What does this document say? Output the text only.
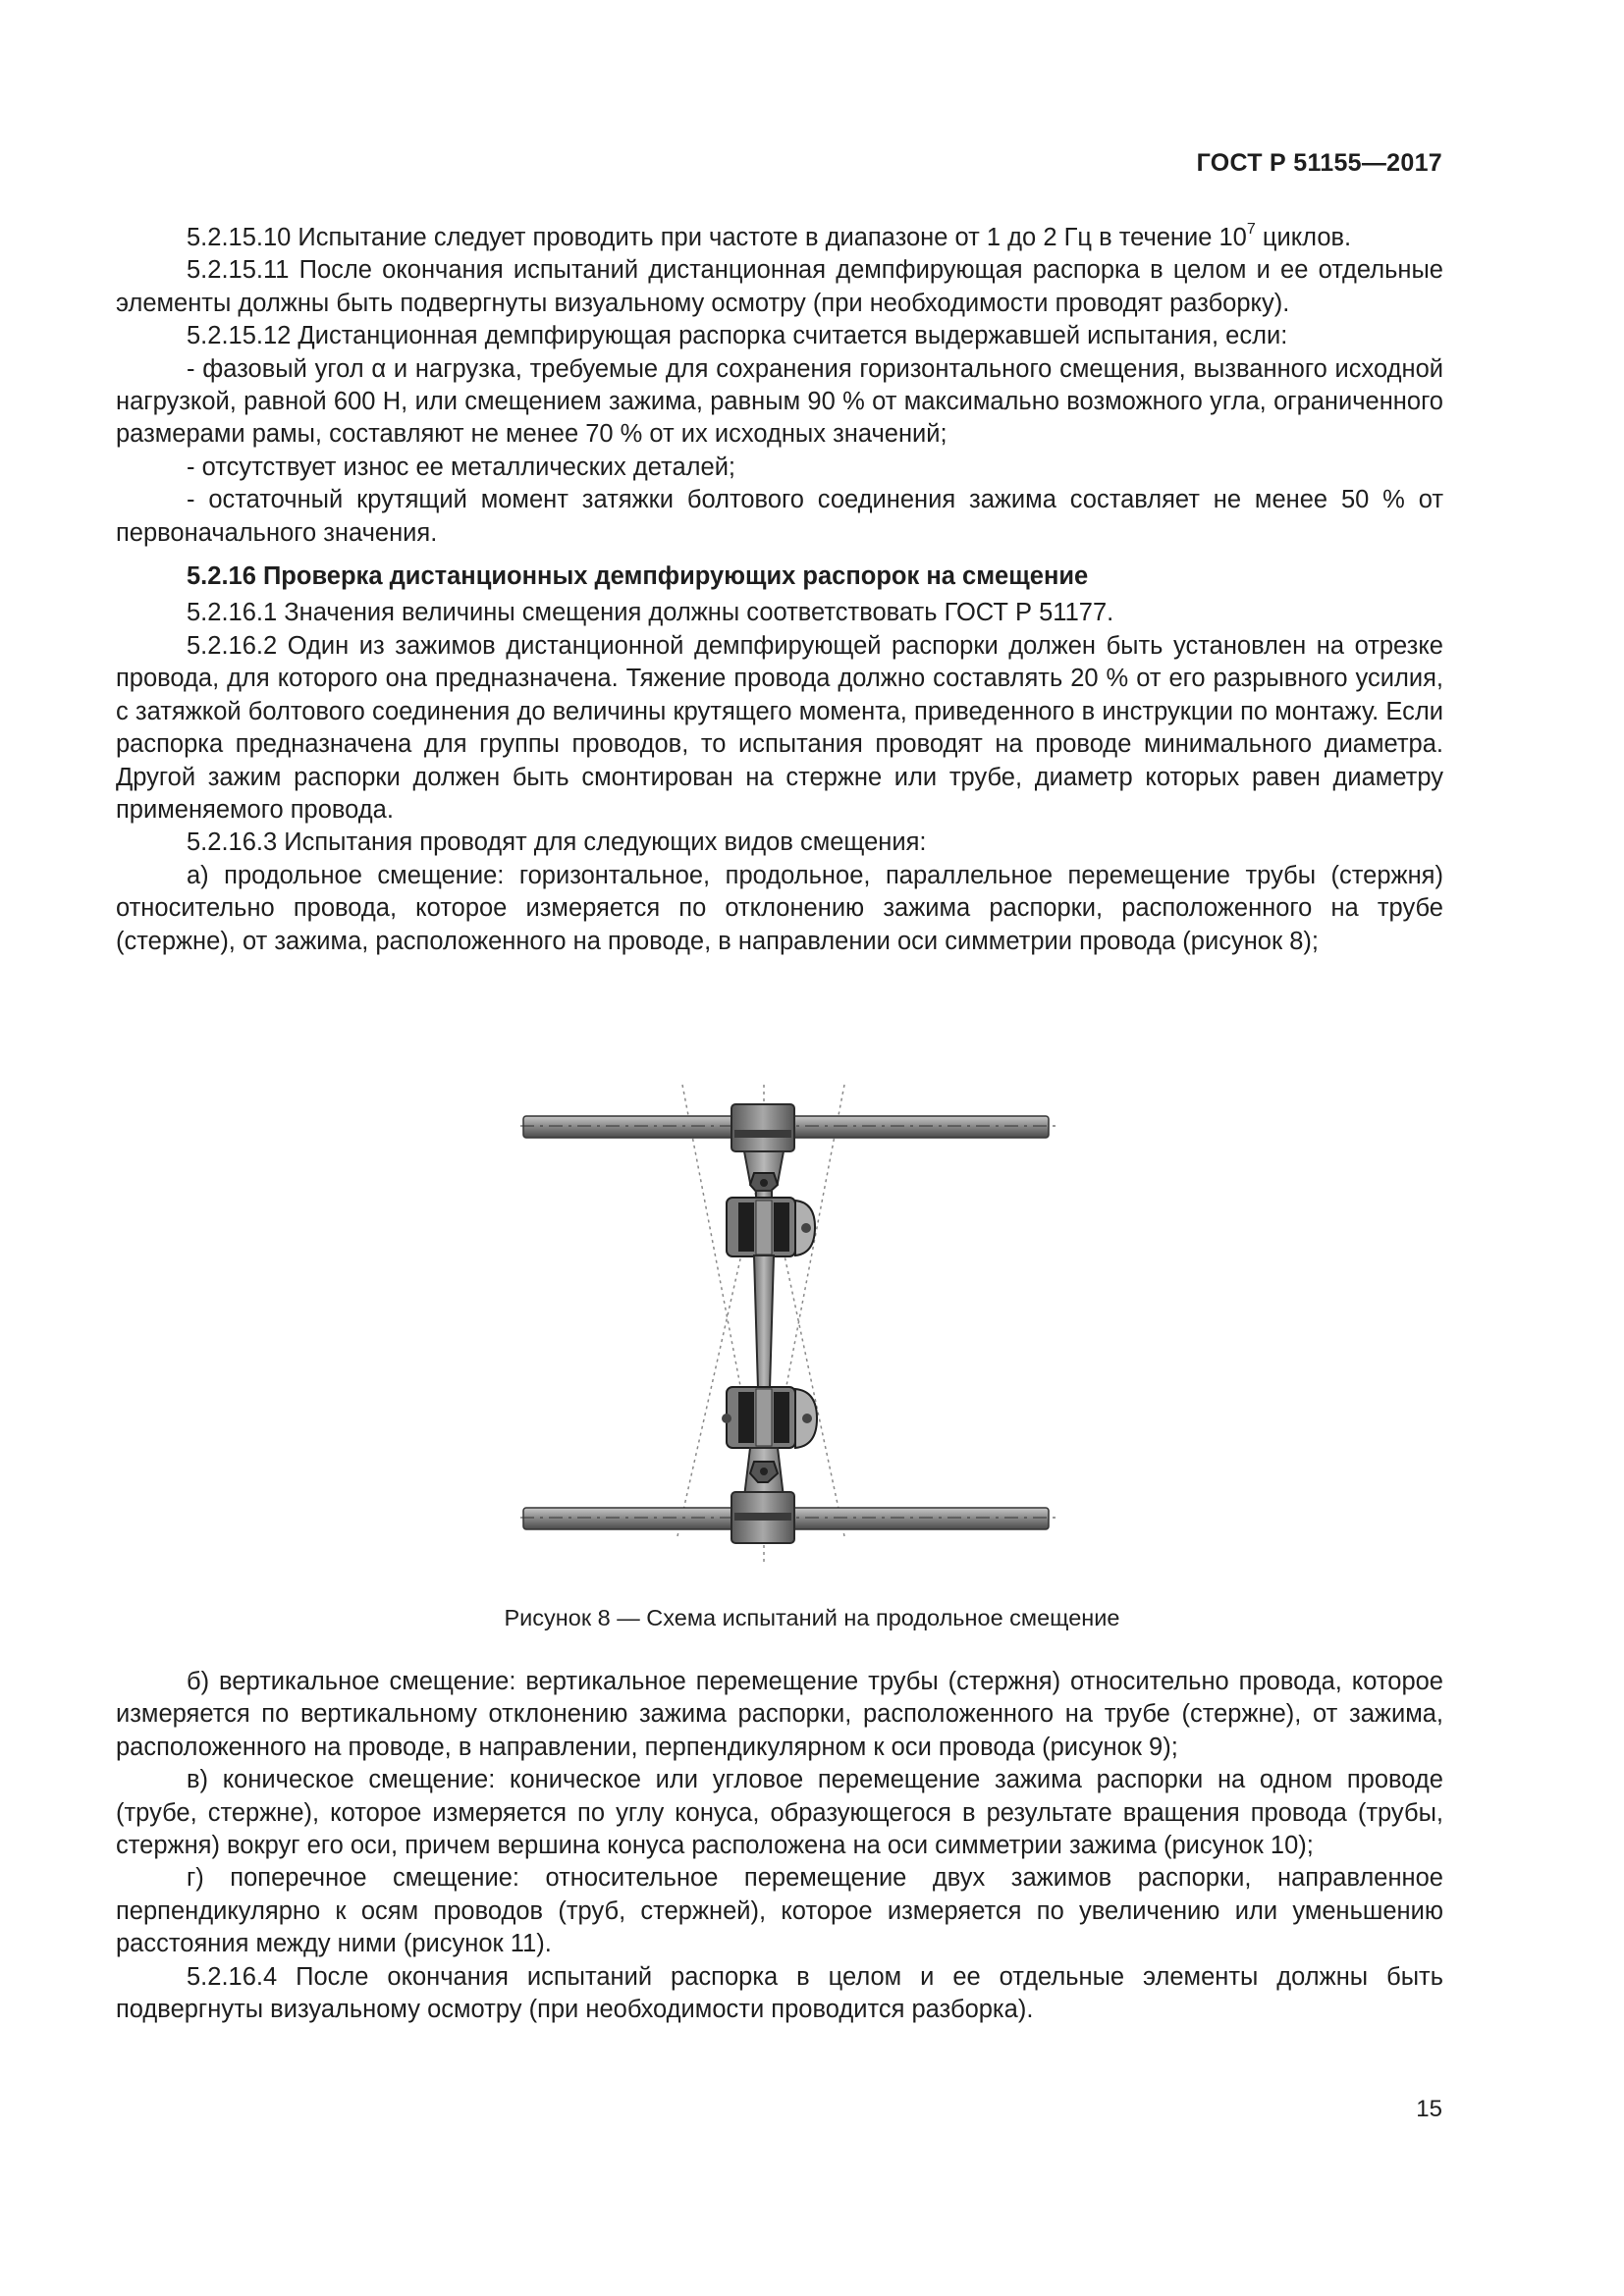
ГОСТ Р 51155—2017

5.2.15.10 Испытание следует проводить при частоте в диапазоне от 1 до 2 Гц в течение $10^7$ циклов.

5.2.15.11 После окончания испытаний дистанционная демпфирующая распорка в целом и ее отдельные элементы должны быть подвергнуты визуальному осмотру (при необходимости проводят разборку).

5.2.15.12 Дистанционная демпфирующая распорка считается выдержавшей испытания, если:

- фазовый угол α и нагрузка, требуемые для сохранения горизонтального смещения, вызванного исходной нагрузкой, равной 600 Н, или смещением зажима, равным 90 % от максимально возможного угла, ограниченного размерами рамы, составляют не менее 70 % от их исходных значений;

- отсутствует износ ее металлических деталей;

- остаточный крутящий момент затяжки болтового соединения зажима составляет не менее 50 % от первоначального значения.

5.2.16 Проверка дистанционных демпфирующих распорок на смещение

5.2.16.1 Значения величины смещения должны соответствовать ГОСТ Р 51177.

5.2.16.2 Один из зажимов дистанционной демпфирующей распорки должен быть установлен на отрезке провода, для которого она предназначена. Тяжение провода должно составлять 20 % от его разрывного усилия, с затяжкой болтового соединения до величины крутящего момента, приведенного в инструкции по монтажу. Если распорка предназначена для группы проводов, то испытания проводят на проводе минимального диаметра. Другой зажим распорки должен быть смонтирован на стержне или трубе, диаметр которых равен диаметру применяемого провода.

5.2.16.3 Испытания проводят для следующих видов смещения:

а) продольное смещение: горизонтальное, продольное, параллельное перемещение трубы (стержня) относительно провода, которое измеряется по отклонению зажима распорки, расположенного на трубе (стержне), от зажима, расположенного на проводе, в направлении оси симметрии провода (рисунок 8);

Рисунок 8 — Схема испытаний на продольное смещение

б) вертикальное смещение: вертикальное перемещение трубы (стержня) относительно провода, которое измеряется по вертикальному отклонению зажима распорки, расположенного на трубе (стержне), от зажима, расположенного на проводе, в направлении, перпендикулярном к оси провода (рисунок 9);

в) коническое смещение: коническое или угловое перемещение зажима распорки на одном проводе (трубе, стержне), которое измеряется по углу конуса, образующегося в результате вращения провода (трубы, стержня) вокруг его оси, причем вершина конуса расположена на оси симметрии зажима (рисунок 10);

г) поперечное смещение: относительное перемещение двух зажимов распорки, направленное перпендикулярно к осям проводов (труб, стержней), которое измеряется по увеличению или уменьшению расстояния между ними (рисунок 11).

5.2.16.4 После окончания испытаний распорка в целом и ее отдельные элементы должны быть подвергнуты визуальному осмотру (при необходимости проводится разборка).

15
